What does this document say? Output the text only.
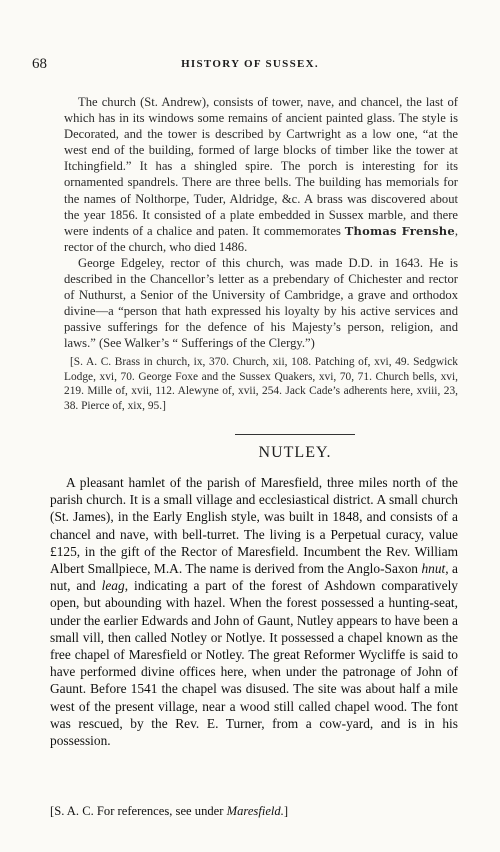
68	HISTORY OF SUSSEX.

The church (St. Andrew), consists of tower, nave, and chancel, the last of which has in its windows some remains of ancient painted glass. The style is Decorated, and the tower is described by Cartwright as a low one, “at the west end of the building, formed of large blocks of timber like the tower at Itchingfield.” It has a shingled spire. The porch is interesting for its ornamented spandrels. There are three bells. The building has memorials for the names of Nolthorpe, Tuder, Aldridge, &c. A brass was discovered about the year 1856. It consisted of a plate embedded in Sussex marble, and there were indents of a chalice and paten. It commemorates Thomas Frenshe, rector of the church, who died 1486.

George Edgeley, rector of this church, was made D.D. in 1643. He is described in the Chancellor’s letter as a prebendary of Chichester and rector of Nuthurst, a Senior of the University of Cambridge, a grave and orthodox divine—a “person that hath expressed his loyalty by his active services and passive sufferings for the defence of his Majesty’s person, religion, and laws.” (See Walker’s “ Sufferings of the Clergy.”)

[S. A. C. Brass in church, ix, 370. Church, xii, 108. Patching of, xvi, 49. Sedgwick Lodge, xvi, 70. George Foxe and the Sussex Quakers, xvi, 70, 71. Church bells, xvi, 219. Mille of, xvii, 112. Alewyne of, xvii, 254. Jack Cade’s adherents here, xviii, 23, 38. Pierce of, xix, 95.]

NUTLEY.

A pleasant hamlet of the parish of Maresfield, three miles north of the parish church. It is a small village and ecclesiastical district. A small church (St. James), in the Early English style, was built in 1848, and consists of a chancel and nave, with bell-turret. The living is a Perpetual curacy, value £125, in the gift of the Rector of Maresfield. Incumbent the Rev. William Albert Smallpiece, M.A. The name is derived from the Anglo-Saxon hnut, a nut, and leag, indicating a part of the forest of Ashdown comparatively open, but abounding with hazel. When the forest possessed a hunting-seat, under the earlier Edwards and John of Gaunt, Nutley appears to have been a small vill, then called Notley or Notlye. It possessed a chapel known as the free chapel of Maresfield or Notley. The great Reformer Wycliffe is said to have performed divine offices here, when under the patronage of John of Gaunt. Before 1541 the chapel was disused. The site was about half a mile west of the present village, near a wood still called chapel wood. The font was rescued, by the Rev. E. Turner, from a cow-yard, and is in his possession.

[S. A. C. For references, see under Maresfield.]
